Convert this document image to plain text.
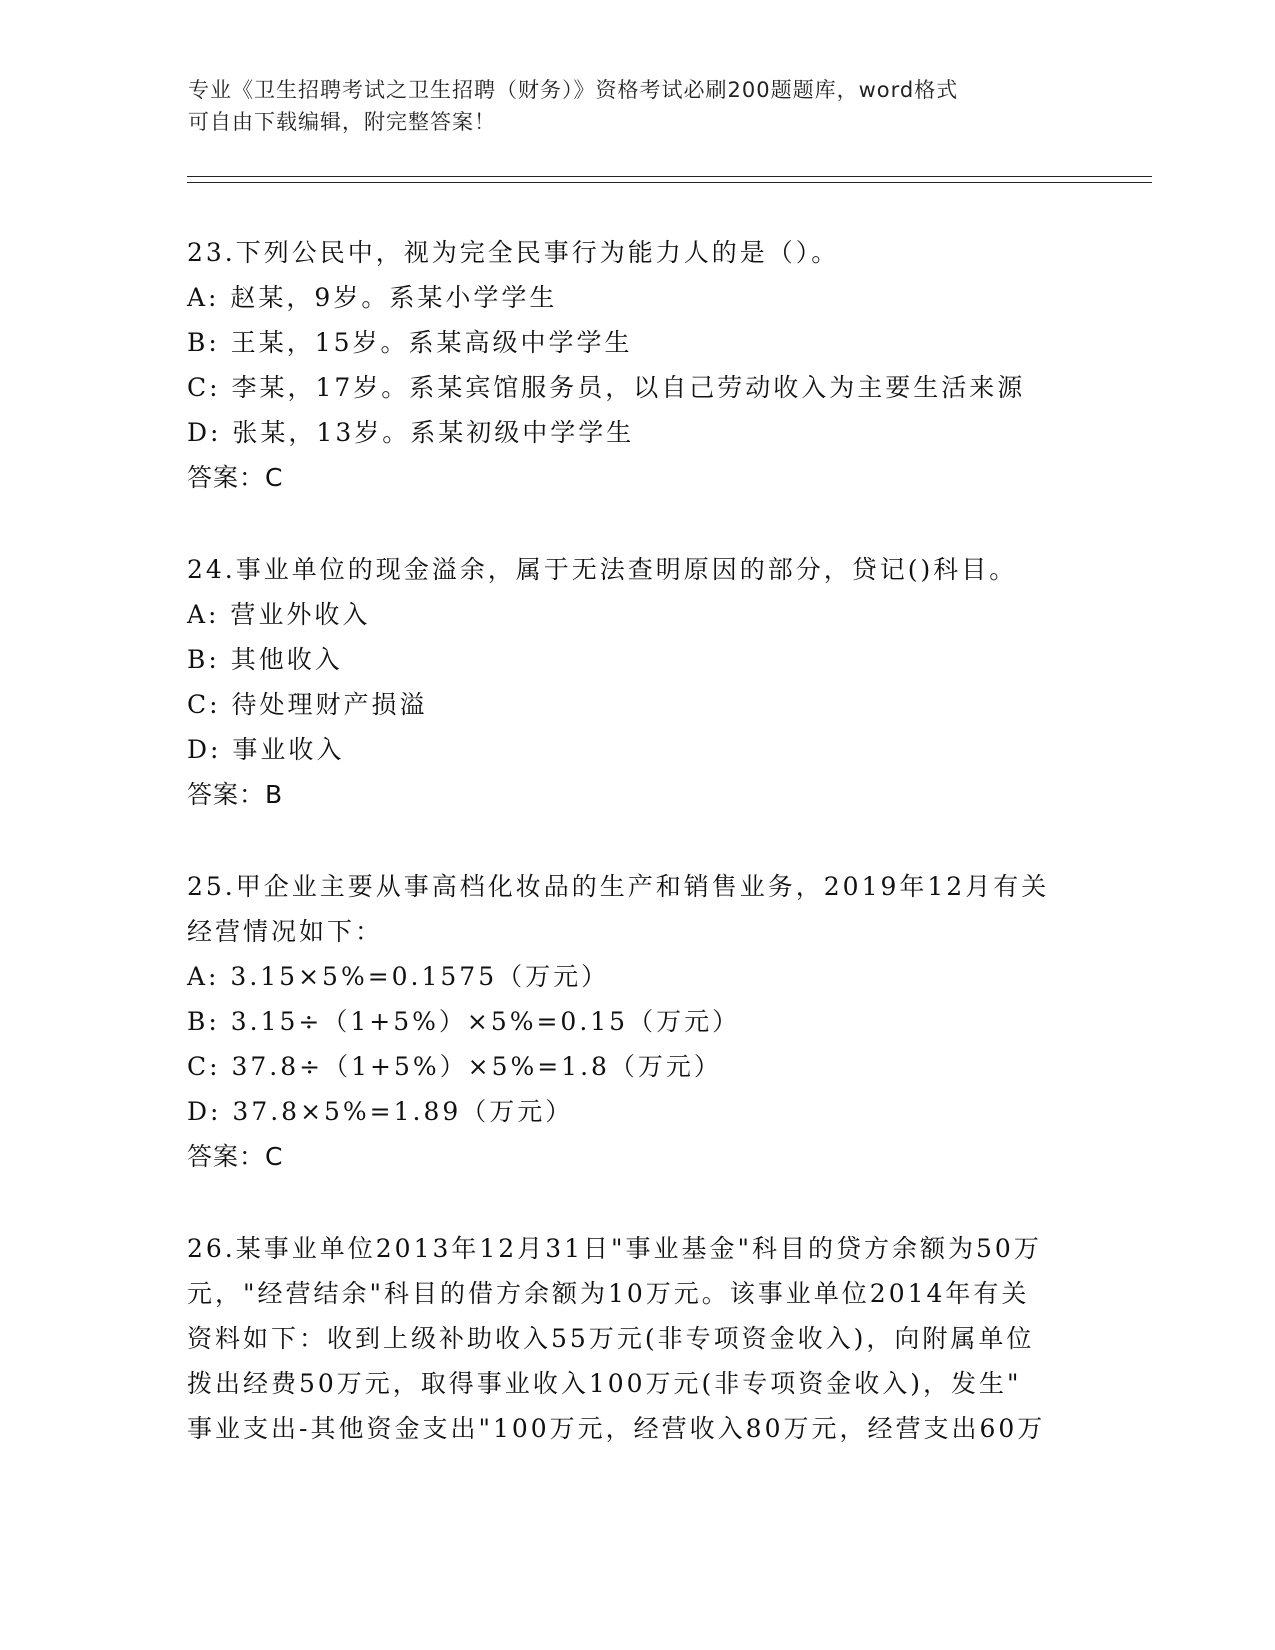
专业《卫生招聘考试之卫生招聘（财务）》资格考试必刷200题题库，word格式
可自由下载编辑，附完整答案！
23.下列公民中，视为完全民事行为能力人的是（）。
A: 赵某，9岁。系某小学学生
B: 王某，15岁。系某高级中学学生
C: 李某，17岁。系某宾馆服务员，以自己劳动收入为主要生活来源
D: 张某，13岁。系某初级中学学生
答案：C
24.事业单位的现金溢余，属于无法查明原因的部分，贷记()科目。
A: 营业外收入
B: 其他收入
C: 待处理财产损溢
D: 事业收入
答案：B
25.甲企业主要从事高档化妆品的生产和销售业务，2019年12月有关
经营情况如下：
A: 3.15×5%=0.1575（万元）
B: 3.15÷（1+5%）×5%=0.15（万元）
C: 37.8÷（1+5%）×5%=1.8（万元）
D: 37.8×5%=1.89（万元）
答案：C
26.某事业单位2013年12月31日"事业基金"科目的贷方余额为50万
元，"经营结余"科目的借方余额为10万元。该事业单位2014年有关
资料如下：收到上级补助收入55万元(非专项资金收入)，向附属单位
拨出经费50万元，取得事业收入100万元(非专项资金收入)，发生"
事业支出-其他资金支出"100万元，经营收入80万元，经营支出60万
